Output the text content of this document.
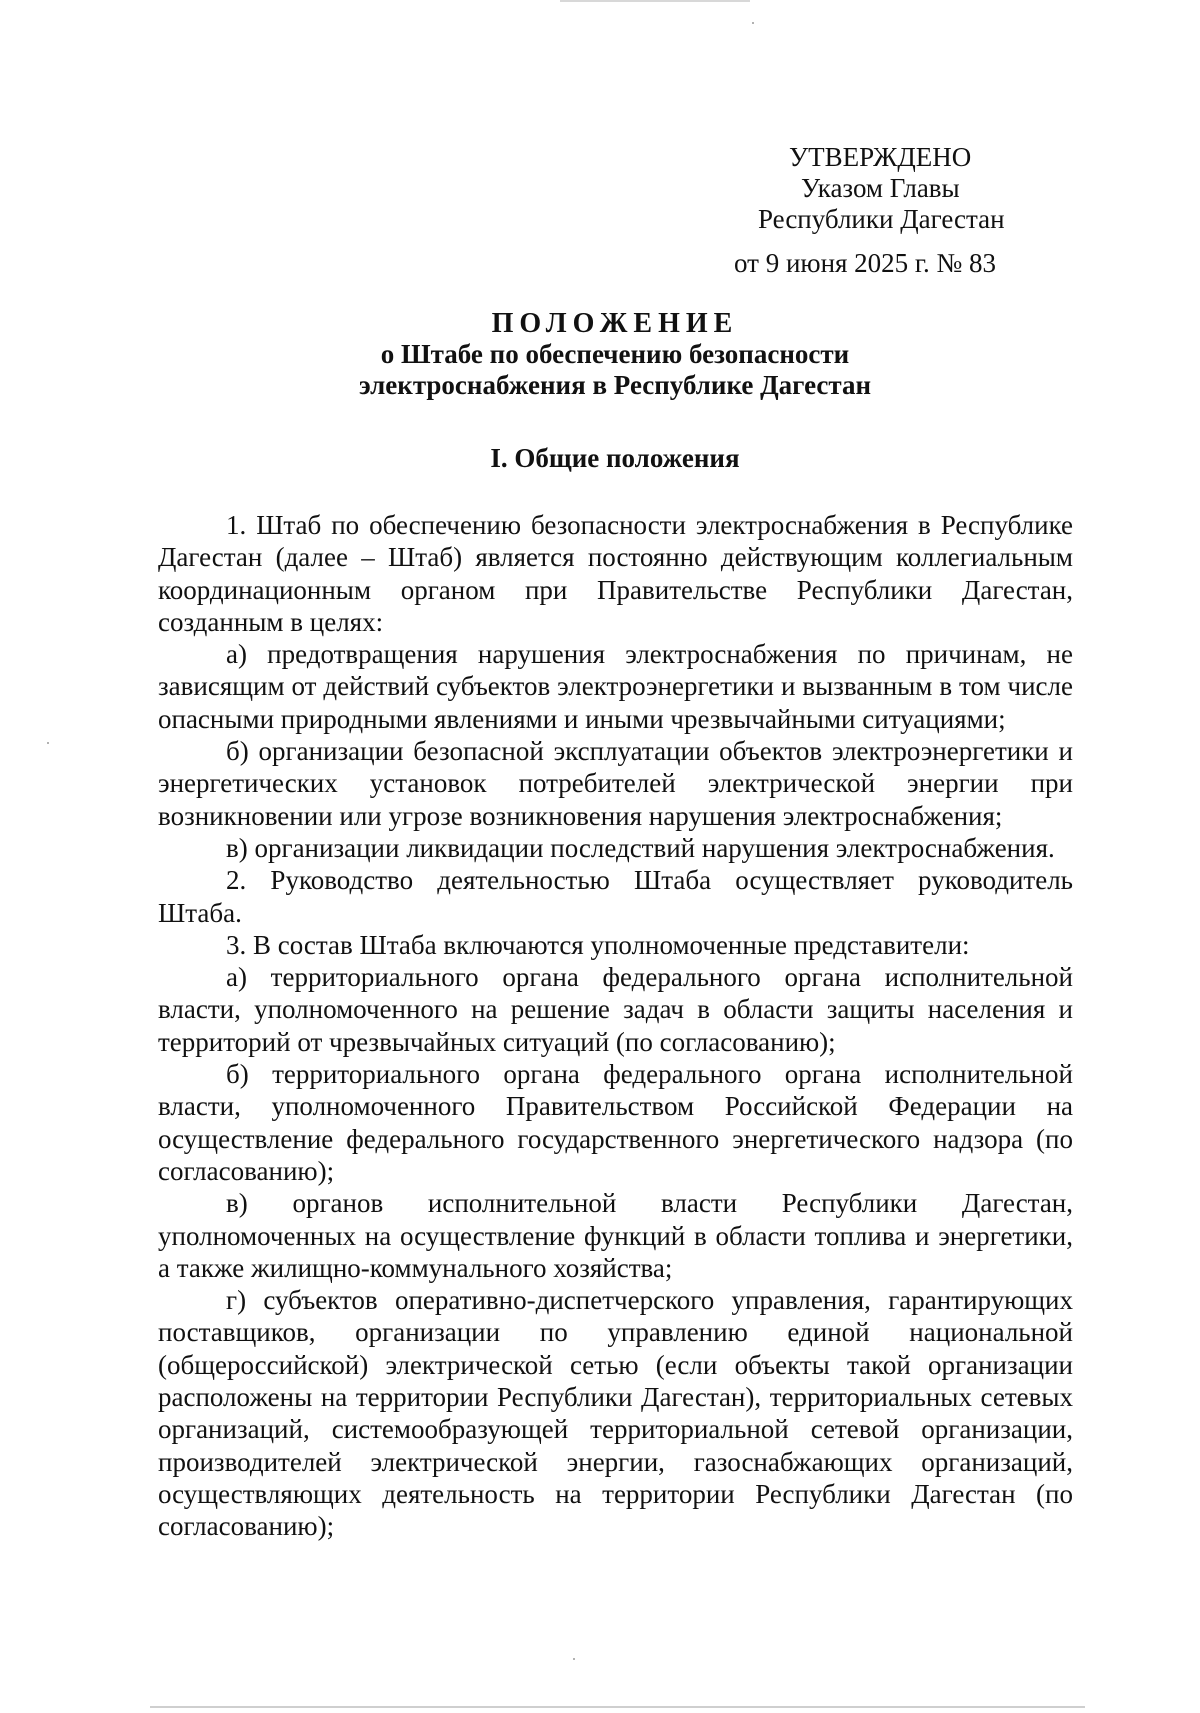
УТВЕРЖДЕНО
Указом Главы
Республики Дагестан
от 9 июня 2025 г. № 83
ПОЛОЖЕНИЕ
о Штабе по обеспечению безопасности
электроснабжения в Республике Дагестан
I. Общие положения

1. Штаб по обеспечению безопасности электроснабжения в Республике Дагестан (далее – Штаб) является постоянно действующим коллегиальным координационным органом при Правительстве Республики Дагестан, созданным в целях:

а) предотвращения нарушения электроснабжения по причинам, не зависящим от действий субъектов электроэнергетики и вызванным в том числе опасными природными явлениями и иными чрезвычайными ситуациями;

б) организации безопасной эксплуатации объектов электроэнергетики и энергетических установок потребителей электрической энергии при возникновении или угрозе возникновения нарушения электроснабжения;

в) организации ликвидации последствий нарушения электроснабжения.

2. Руководство деятельностью Штаба осуществляет руководитель Штаба.

3. В состав Штаба включаются уполномоченные представители:

а) территориального органа федерального органа исполнительной власти, уполномоченного на решение задач в области защиты населения и территорий от чрезвычайных ситуаций (по согласованию);

б) территориального органа федерального органа исполнительной власти, уполномоченного Правительством Российской Федерации на осуществление федерального государственного энергетического надзора (по согласованию);

в) органов исполнительной власти Республики Дагестан, уполномоченных на осуществление функций в области топлива и энергетики, а также жилищно-коммунального хозяйства;

г) субъектов оперативно-диспетчерского управления, гарантирующих поставщиков, организации по управлению единой национальной (общероссийской) электрической сетью (если объекты такой организации расположены на территории Республики Дагестан), территориальных сетевых организаций, системообразующей территориальной сетевой организации, производителей электрической энергии, газоснабжающих организаций, осуществляющих деятельность на территории Республики Дагестан (по согласованию);
